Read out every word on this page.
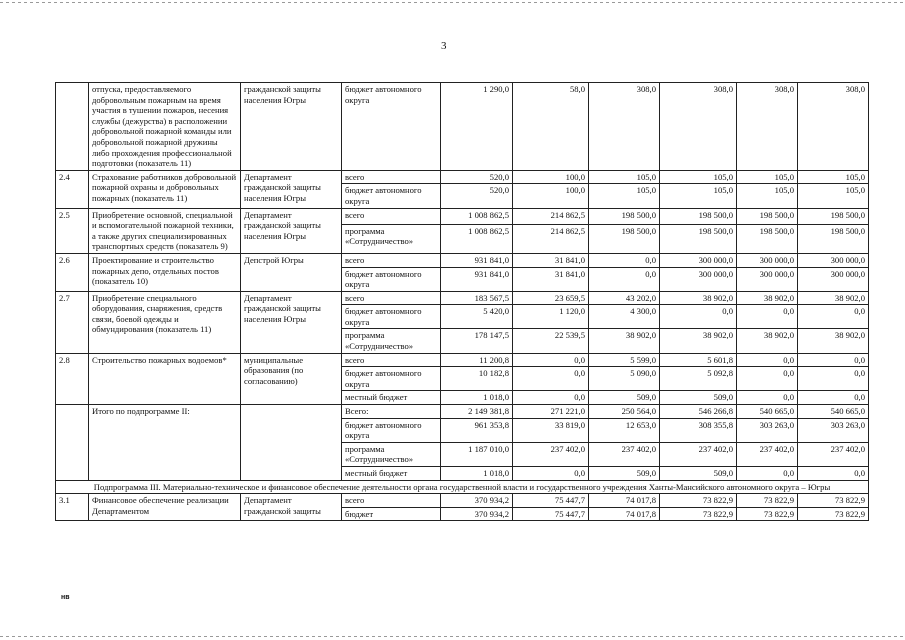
3
	отпуска, предоставляемого добровольным пожарным на время участия в тушении пожаров, несения службы (дежурства) в расположении добровольной пожарной команды или добровольной пожарной дружины либо прохождения профессиональной подготовки (показатель 11)	гражданской защиты населения Югры	бюджет автономного округа	1 290,0	58,0	308,0	308,0	308,0	308,0
2.4	Страхование работников добровольной пожарной охраны и добровольных пожарных (показатель 11)	Департамент гражданской защиты населения Югры	всего	520,0	100,0	105,0	105,0	105,0	105,0
			бюджет автономного округа	520,0	100,0	105,0	105,0	105,0	105,0
2.5	Приобретение основной, специальной и вспомогательной пожарной техники, а также других специализированных транспортных средств (показатель 9)	Департамент гражданской защиты населения Югры	всего	1 008 862,5	214 862,5	198 500,0	198 500,0	198 500,0	198 500,0
			программа «Сотрудничество»	1 008 862,5	214 862,5	198 500,0	198 500,0	198 500,0	198 500,0
2.6	Проектирование и строительство пожарных депо, отдельных постов (показатель 10)	Депстрой Югры	всего	931 841,0	31 841,0	0,0	300 000,0	300 000,0	300 000,0
			бюджет автономного округа	931 841,0	31 841,0	0,0	300 000,0	300 000,0	300 000,0
2.7	Приобретение специального оборудования, снаряжения, средств связи, боевой одежды и обмундирования (показатель 11)	Департамент гражданской защиты населения Югры	всего	183 567,5	23 659,5	43 202,0	38 902,0	38 902,0	38 902,0
			бюджет автономного округа	5 420,0	1 120,0	4 300,0	0,0	0,0	0,0
			программа «Сотрудничество»	178 147,5	22 539,5	38 902,0	38 902,0	38 902,0	38 902,0
2.8	Строительство пожарных водоемов*	муниципальные образования (по согласованию)	всего	11 200,8	0,0	5 599,0	5 601,8	0,0	0,0
			бюджет автономного округа	10 182,8	0,0	5 090,0	5 092,8	0,0	0,0
			местный бюджет	1 018,0	0,0	509,0	509,0	0,0	0,0
	Итого по подпрограмме II:		Всего:	2 149 381,8	271 221,0	250 564,0	546 266,8	540 665,0	540 665,0
			бюджет автономного округа	961 353,8	33 819,0	12 653,0	308 355,8	303 263,0	303 263,0
			программа «Сотрудничество»	1 187 010,0	237 402,0	237 402,0	237 402,0	237 402,0	237 402,0
			местный бюджет	1 018,0	0,0	509,0	509,0	0,0	0,0
Подпрограмма III. Материально-техническое и финансовое обеспечение деятельности органа государственной власти и государственного учреждения Ханты-Мансийского автономного округа – Югры									
3.1	Финансовое обеспечение реализации Департаментом	Департамент гражданской защиты	всего	370 934,2	75 447,7	74 017,8	73 822,9	73 822,9	73 822,9
			бюджет	370 934,2	75 447,7	74 017,8	73 822,9	73 822,9	73 822,9
нв
